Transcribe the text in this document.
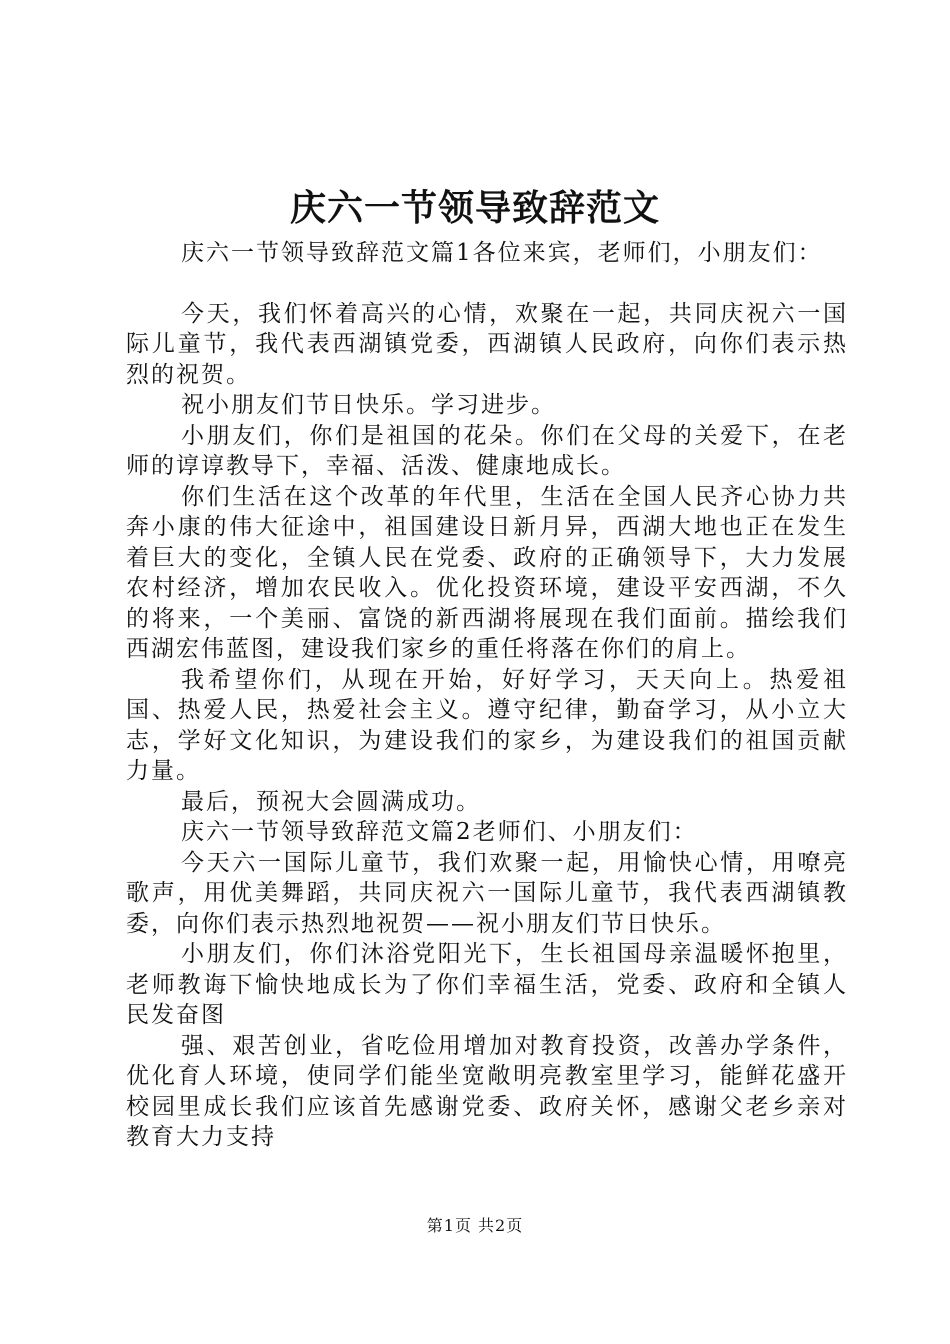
庆六一节领导致辞范文

庆六一节领导致辞范文篇1各位来宾，老师们，小朋友们：

今天，我们怀着高兴的心情，欢聚在一起，共同庆祝六一国际儿童节，我代表西湖镇党委，西湖镇人民政府，向你们表示热烈的祝贺。

祝小朋友们节日快乐。学习进步。

小朋友们，你们是祖国的花朵。你们在父母的关爱下，在老师的谆谆教导下，幸福、活泼、健康地成长。

你们生活在这个改革的年代里，生活在全国人民齐心协力共奔小康的伟大征途中，祖国建设日新月异，西湖大地也正在发生着巨大的变化，全镇人民在党委、政府的正确领导下，大力发展农村经济，增加农民收入。优化投资环境，建设平安西湖，不久的将来，一个美丽、富饶的新西湖将展现在我们面前。描绘我们西湖宏伟蓝图，建设我们家乡的重任将落在你们的肩上。

我希望你们，从现在开始，好好学习，天天向上。热爱祖国、热爱人民，热爱社会主义。遵守纪律，勤奋学习，从小立大志，学好文化知识，为建设我们的家乡，为建设我们的祖国贡献力量。

最后，预祝大会圆满成功。

庆六一节领导致辞范文篇2老师们、小朋友们：

今天六一国际儿童节，我们欢聚一起，用愉快心情，用嘹亮歌声，用优美舞蹈，共同庆祝六一国际儿童节，我代表西湖镇教委，向你们表示热烈地祝贺——祝小朋友们节日快乐。

小朋友们，你们沐浴党阳光下，生长祖国母亲温暖怀抱里，老师教诲下愉快地成长为了你们幸福生活，党委、政府和全镇人民发奋图

强、艰苦创业，省吃俭用增加对教育投资，改善办学条件，优化育人环境，使同学们能坐宽敞明亮教室里学习，能鲜花盛开校园里成长我们应该首先感谢党委、政府关怀，感谢父老乡亲对教育大力支持

第1页 共2页
